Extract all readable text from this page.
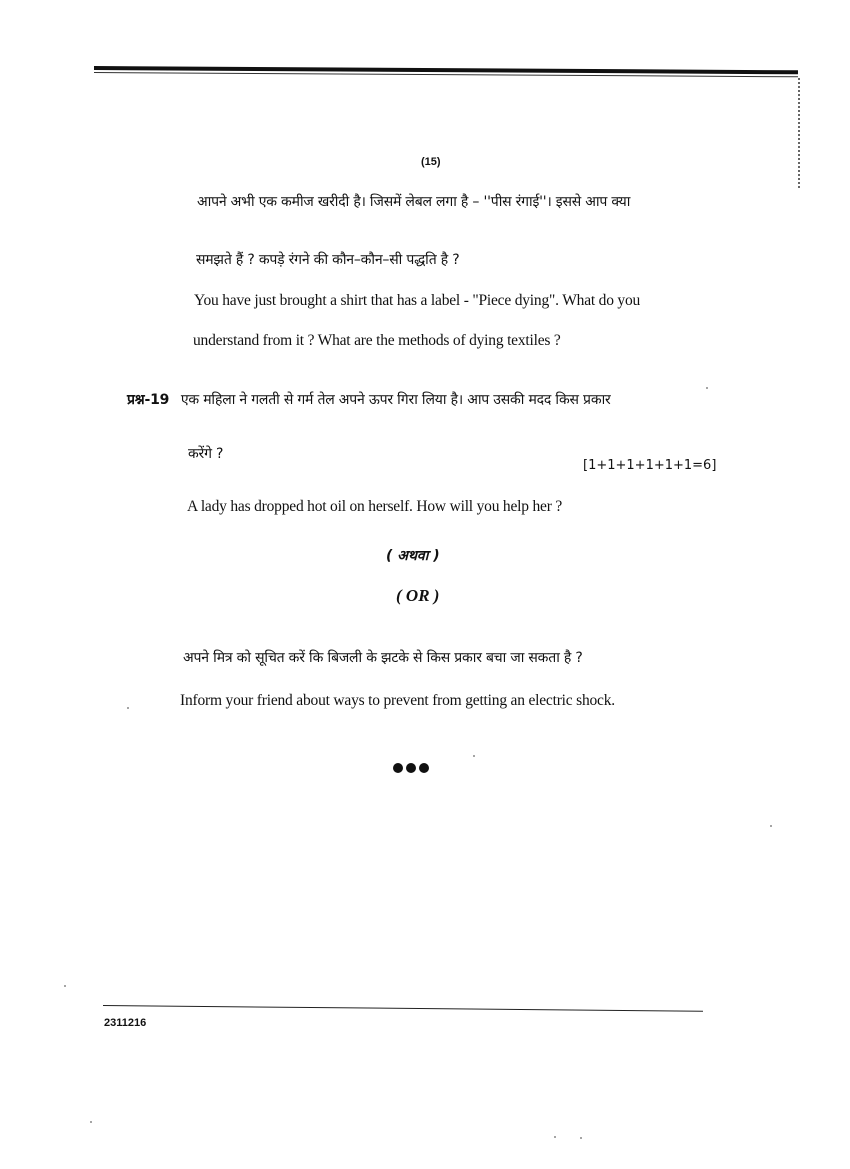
(15)
आपने अभी एक कमीज खरीदी है। जिसमें लेबल लगा है – ''पीस रंगाई''। इससे आप क्या
समझते हैं ? कपड़े रंगने की कौन–कौन–सी पद्धति है ?
You have just brought a shirt that has a label - "Piece dying". What do you
understand from it ? What are the methods of dying textiles ?
प्रश्न-19 एक महिला ने गलती से गर्म तेल अपने ऊपर गिरा लिया है। आप उसकी मदद किस प्रकार
करेंगे ?
[1+1+1+1+1+1=6]
A lady has dropped hot oil on herself. How will you help her ?
( अथवा )
( OR )
अपने मित्र को सूचित करें कि बिजली के झटके से किस प्रकार बचा जा सकता है ?
Inform your friend about ways to prevent from getting an electric shock.
2311216
